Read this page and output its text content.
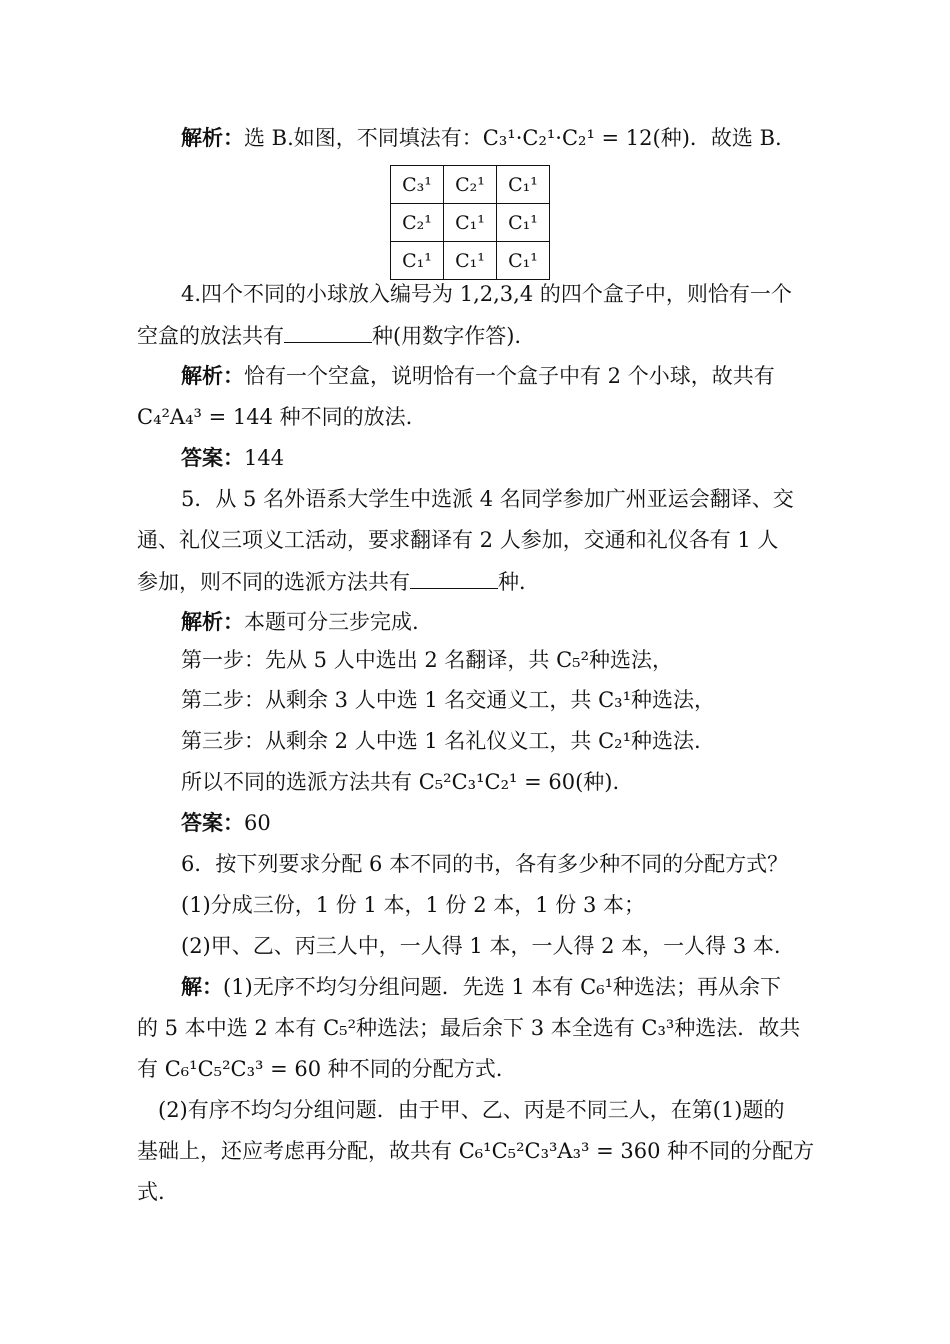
解析：选 B.如图，不同填法有：C₃¹·C₂¹·C₂¹ = 12(种)．故选 B.
C₃¹	C₂¹	C₁¹
C₂¹	C₁¹	C₁¹
C₁¹	C₁¹	C₁¹
4.四个不同的小球放入编号为 1,2,3,4 的四个盒子中，则恰有一个
空盒的放法共有	种(用数字作答).
解析：恰有一个空盒，说明恰有一个盒子中有 2 个小球，故共有
C₄²A₄³ = 144 种不同的放法.
答案：144
5．从 5 名外语系大学生中选派 4 名同学参加广州亚运会翻译、交
通、礼仪三项义工活动，要求翻译有 2 人参加，交通和礼仪各有 1 人
参加，则不同的选派方法共有	种．
解析：本题可分三步完成.
第一步：先从 5 人中选出 2 名翻译，共 C₅²种选法，
第二步：从剩余 3 人中选 1 名交通义工，共 C₃¹种选法，
第三步：从剩余 2 人中选 1 名礼仪义工，共 C₂¹种选法.
所以不同的选派方法共有 C₅²C₃¹C₂¹ = 60(种).
答案：60
6．按下列要求分配 6 本不同的书，各有多少种不同的分配方式？
(1)分成三份，1 份 1 本，1 份 2 本，1 份 3 本；
(2)甲、乙、丙三人中，一人得 1 本，一人得 2 本，一人得 3 本.
解：(1)无序不均匀分组问题．先选 1 本有 C₆¹种选法；再从余下
的 5 本中选 2 本有 C₅²种选法；最后余下 3 本全选有 C₃³种选法．故共
有 C₆¹C₅²C₃³ = 60 种不同的分配方式.
(2)有序不均匀分组问题．由于甲、乙、丙是不同三人，在第(1)题的
基础上，还应考虑再分配，故共有 C₆¹C₅²C₃³A₃³ = 360 种不同的分配方
式.
